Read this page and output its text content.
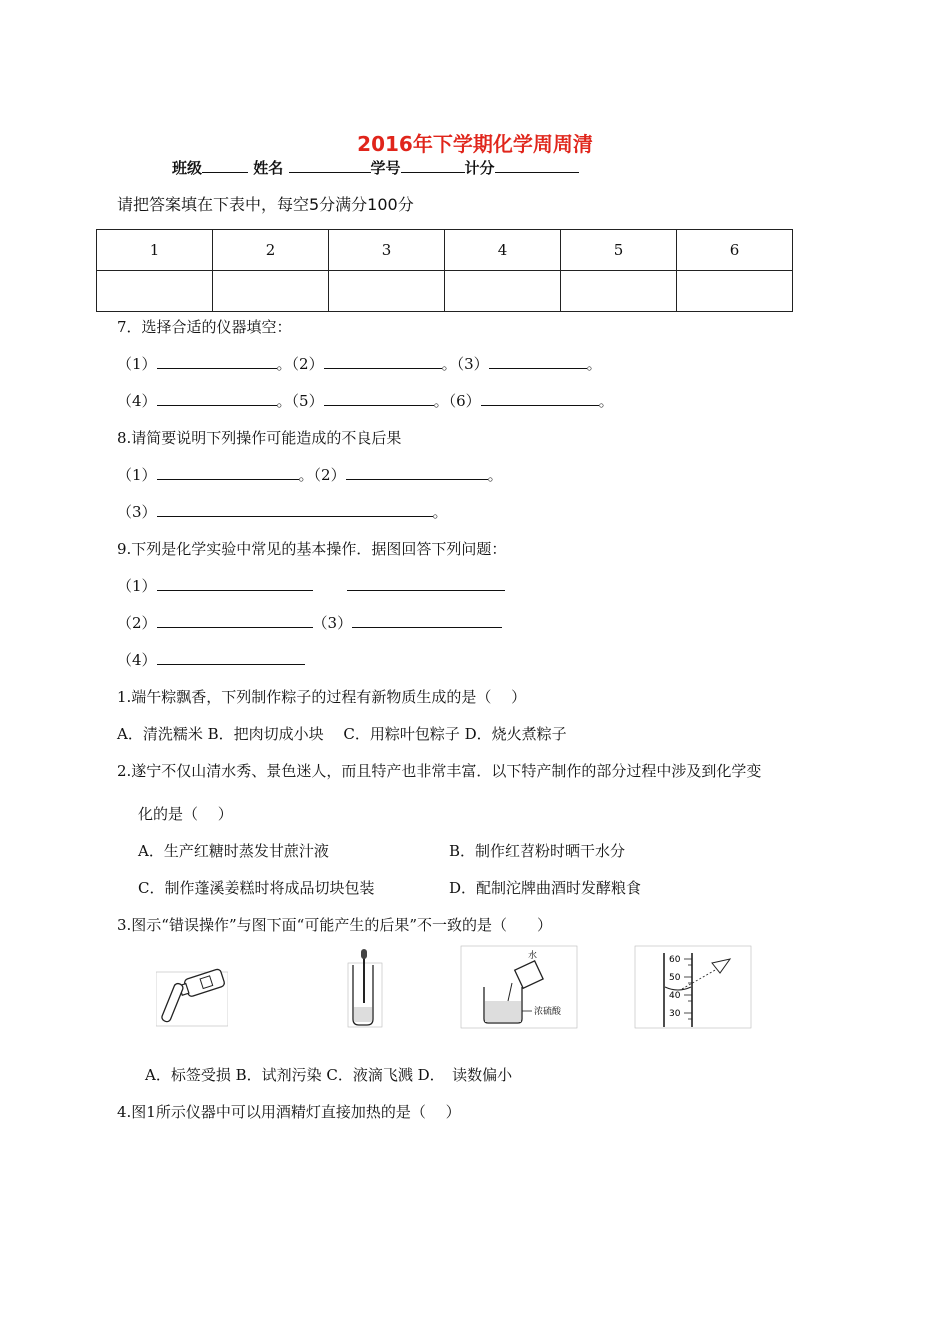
2016年下学期化学周周清
班级	姓名	学号	计分
请把答案填在下表中，每空5分满分100分
1	2	3	4	5	6

7．选择合适的仪器填空：
（1）	。（2）	。（3）	。
（4）	。（5）	。（6）	。
8.请简要说明下列操作可能造成的不良后果
（1）	。（2）	。
（3）	。
9.下列是化学实验中常见的基本操作．据图回答下列问题：
（1）
（2）	（3）
（4）
1.端午粽飘香，下列制作粽子的过程有新物质生成的是（　 ）
A．清洗糯米 B．把肉切成小块　 C．用粽叶包粽子 D．烧火煮粽子
2.遂宁不仅山清水秀、景色迷人，而且特产也非常丰富．以下特产制作的部分过程中涉及到化学变
化的是（　 ）
A．生产红糖时蒸发甘蔗汁液	B．制作红苕粉时晒干水分
C．制作蓬溪姜糕时将成品切块包装	D．配制沱牌曲酒时发酵粮食
3.图示“错误操作”与图下面“可能产生的后果”不一致的是（　　）
水
浓硫酸
60
50
40
30
A．标签受损 B．试剂污染 C．液滴飞溅 D．　读数偏小
4.图1所示仪器中可以用酒精灯直接加热的是（　 ）
